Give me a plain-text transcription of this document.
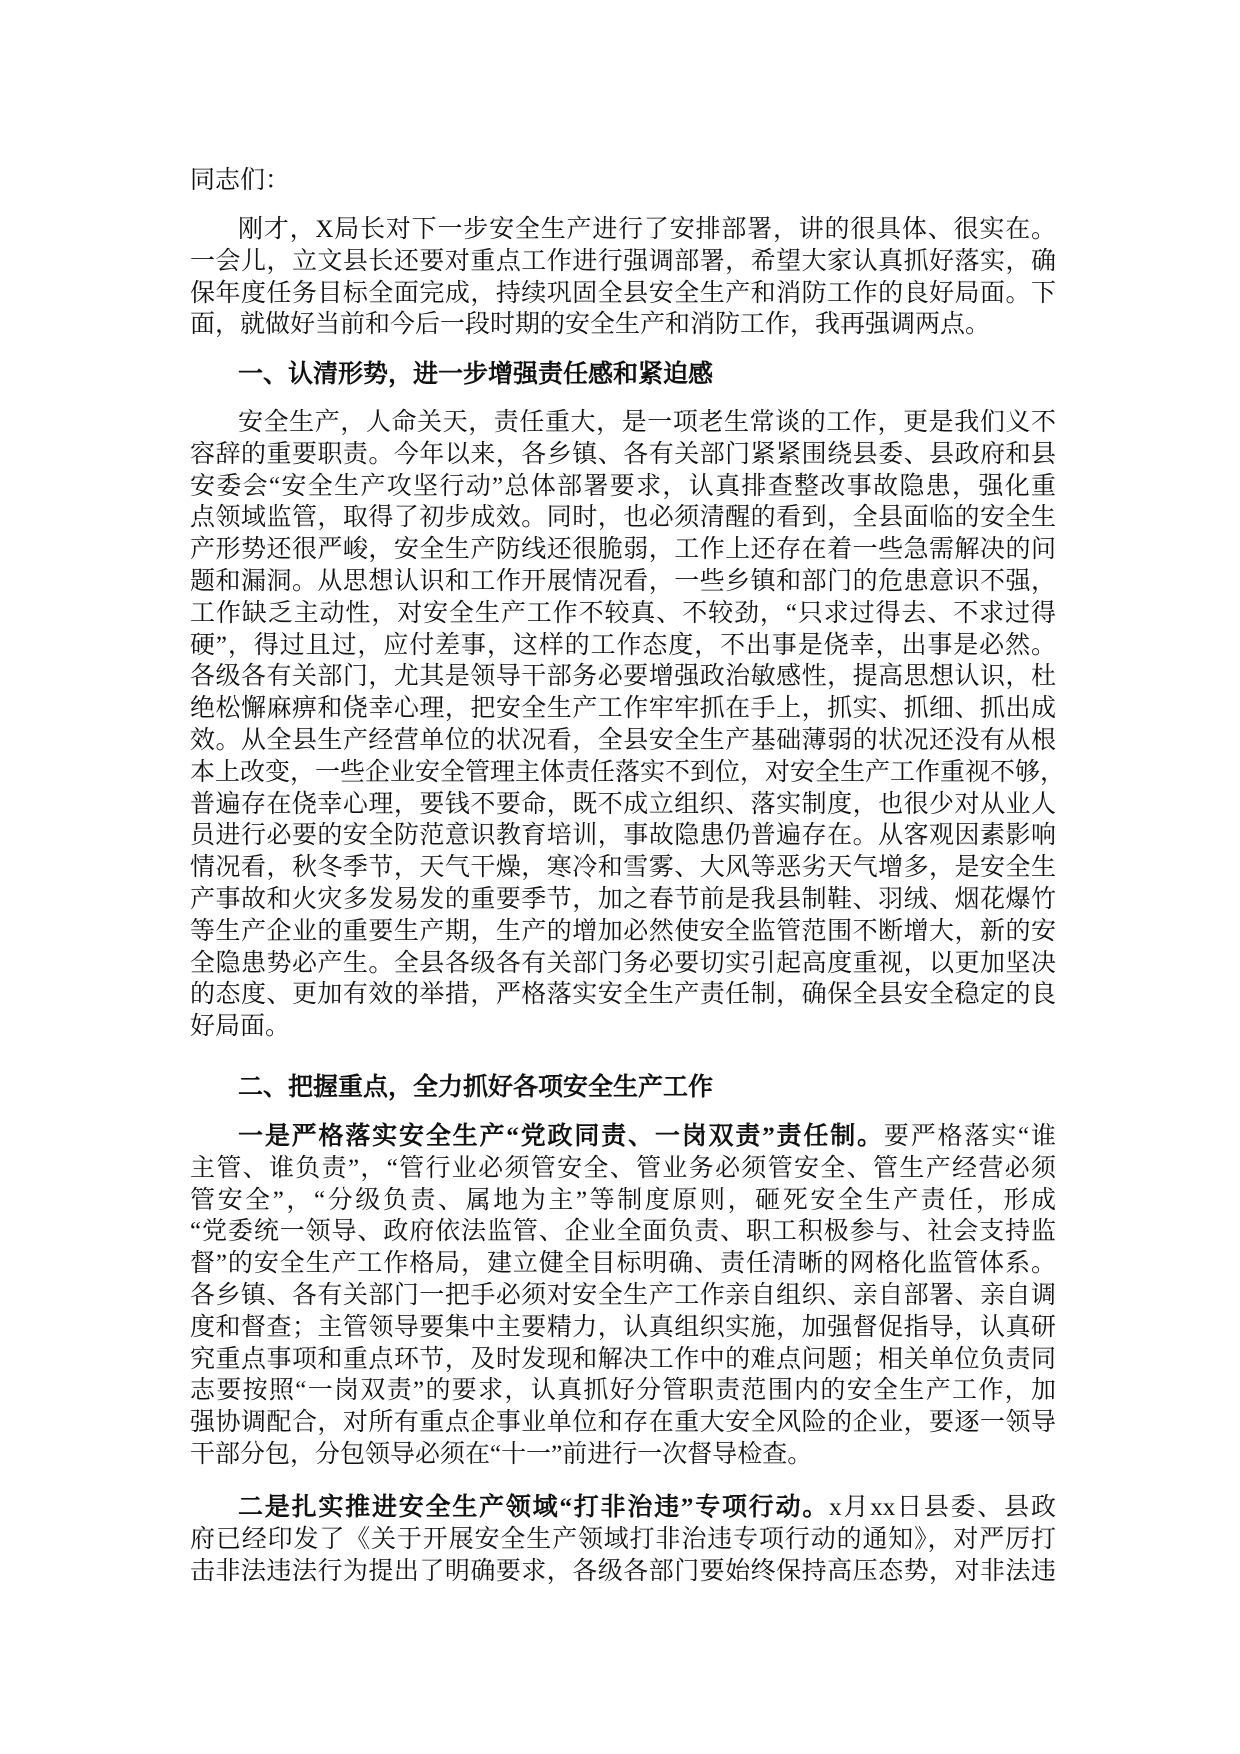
同志们：
刚才，X局长对下一步安全生产进行了安排部署，讲的很具体、很实在。
一会儿，立文县长还要对重点工作进行强调部署，希望大家认真抓好落实，确
保年度任务目标全面完成，持续巩固全县安全生产和消防工作的良好局面。下
面，就做好当前和今后一段时期的安全生产和消防工作，我再强调两点。
一、认清形势，进一步增强责任感和紧迫感
安全生产，人命关天，责任重大，是一项老生常谈的工作，更是我们义不
容辞的重要职责。今年以来，各乡镇、各有关部门紧紧围绕县委、县政府和县
安委会“安全生产攻坚行动”总体部署要求，认真排查整改事故隐患，强化重
点领域监管，取得了初步成效。同时，也必须清醒的看到，全县面临的安全生
产形势还很严峻，安全生产防线还很脆弱，工作上还存在着一些急需解决的问
题和漏洞。从思想认识和工作开展情况看，一些乡镇和部门的危患意识不强，
工作缺乏主动性，对安全生产工作不较真、不较劲，“只求过得去、不求过得
硬”，得过且过，应付差事，这样的工作态度，不出事是侥幸，出事是必然。
各级各有关部门，尤其是领导干部务必要增强政治敏感性，提高思想认识，杜
绝松懈麻痹和侥幸心理，把安全生产工作牢牢抓在手上，抓实、抓细、抓出成
效。从全县生产经营单位的状况看，全县安全生产基础薄弱的状况还没有从根
本上改变，一些企业安全管理主体责任落实不到位，对安全生产工作重视不够，
普遍存在侥幸心理，要钱不要命，既不成立组织、落实制度，也很少对从业人
员进行必要的安全防范意识教育培训，事故隐患仍普遍存在。从客观因素影响
情况看，秋冬季节，天气干燥，寒冷和雪雾、大风等恶劣天气增多，是安全生
产事故和火灾多发易发的重要季节，加之春节前是我县制鞋、羽绒、烟花爆竹
等生产企业的重要生产期，生产的增加必然使安全监管范围不断增大，新的安
全隐患势必产生。全县各级各有关部门务必要切实引起高度重视，以更加坚决
的态度、更加有效的举措，严格落实安全生产责任制，确保全县安全稳定的良
好局面。
二、把握重点，全力抓好各项安全生产工作
一是严格落实安全生产“党政同责、一岗双责”责任制。要严格落实“谁
主管、谁负责”，“管行业必须管安全、管业务必须管安全、管生产经营必须
管安全”，“分级负责、属地为主”等制度原则，砸死安全生产责任，形成
“党委统一领导、政府依法监管、企业全面负责、职工积极参与、社会支持监
督”的安全生产工作格局，建立健全目标明确、责任清晰的网格化监管体系。
各乡镇、各有关部门一把手必须对安全生产工作亲自组织、亲自部署、亲自调
度和督查；主管领导要集中主要精力，认真组织实施，加强督促指导，认真研
究重点事项和重点环节，及时发现和解决工作中的难点问题；相关单位负责同
志要按照“一岗双责”的要求，认真抓好分管职责范围内的安全生产工作，加
强协调配合，对所有重点企事业单位和存在重大安全风险的企业，要逐一领导
干部分包，分包领导必须在“十一”前进行一次督导检查。
二是扎实推进安全生产领域“打非治违”专项行动。x月xx日县委、县政
府已经印发了《关于开展安全生产领域打非治违专项行动的通知》，对严厉打
击非法违法行为提出了明确要求，各级各部门要始终保持高压态势，对非法违
